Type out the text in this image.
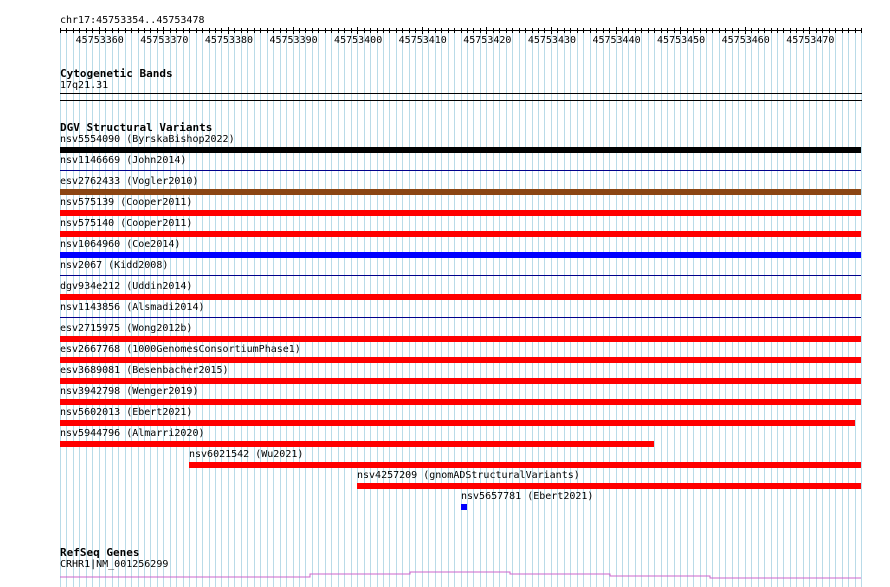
chr17:45753354..45753478
45753360 45753370 45753380 45753390 45753400 45753410 45753420 45753430 45753440 45753450 45753460 45753470
Cytogenetic Bands
17q21.31
DGV Structural Variants
nsv5554090 (ByrskaBishop2022)
nsv1146669 (John2014)
esv2762433 (Vogler2010)
nsv575139 (Cooper2011)
nsv575140 (Cooper2011)
nsv1064960 (Coe2014)
nsv2067 (Kidd2008)
dgv934e212 (Uddin2014)
nsv1143856 (Alsmadi2014)
esv2715975 (Wong2012b)
esv2667768 (1000GenomesConsortiumPhase1)
esv3689081 (Besenbacher2015)
nsv3942798 (Wenger2019)
nsv5602013 (Ebert2021)
nsv5944796 (Almarri2020)
nsv6021542 (Wu2021)
nsv4257209 (gnomADStructuralVariants)
nsv5657781 (Ebert2021)
RefSeq Genes
CRHR1|NM_001256299
